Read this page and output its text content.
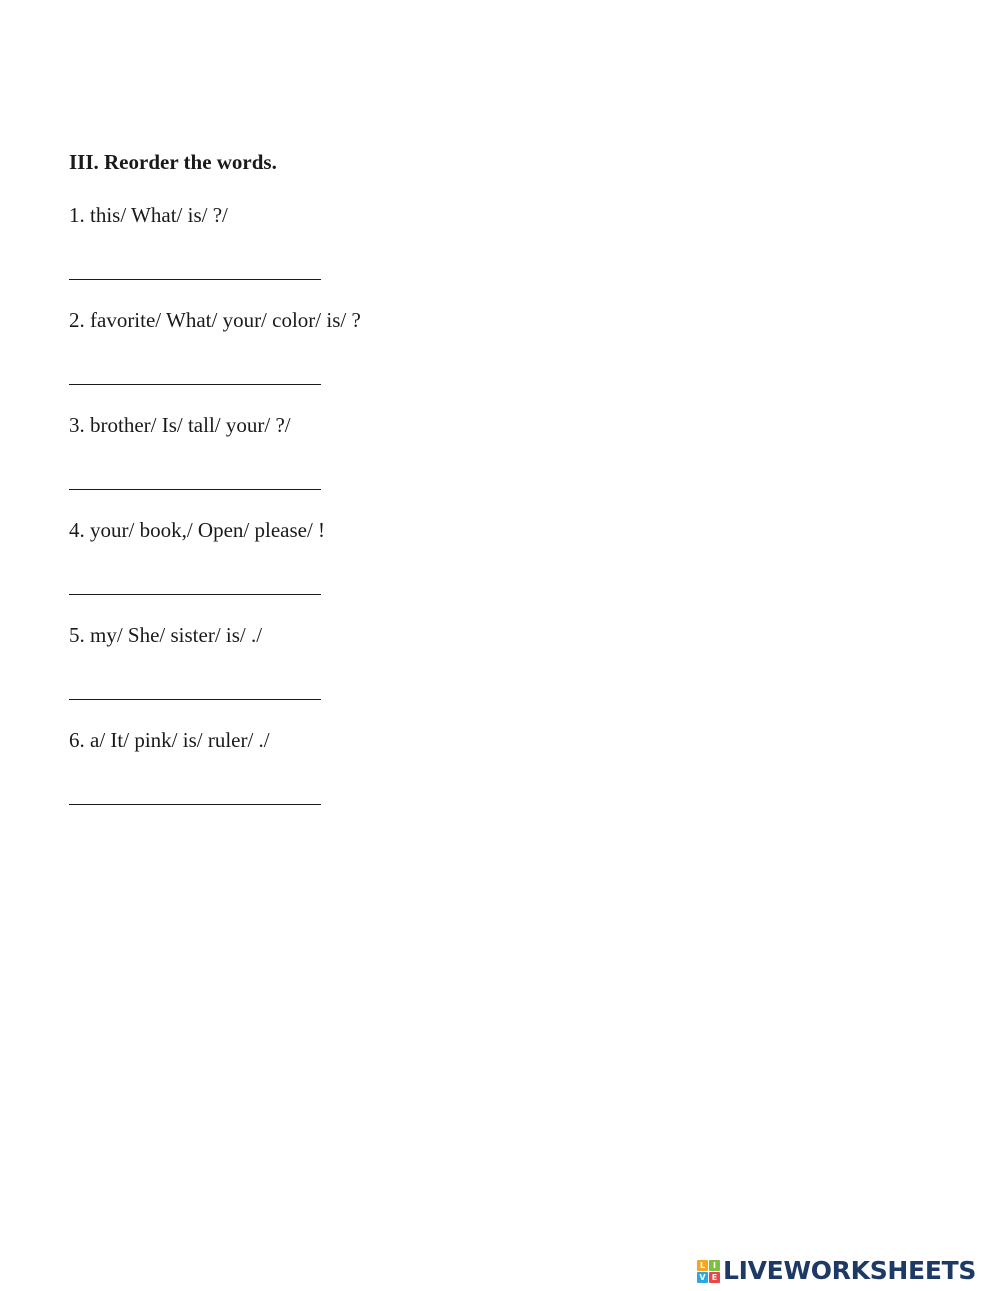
III. Reorder the words.
1. this/ What/ is/ ?/
2. favorite/ What/ your/ color/ is/ ?
3. brother/ Is/ tall/ your/ ?/
4. your/ book,/ Open/ please/ !
5. my/ She/ sister/ is/ ./
6. a/ It/ pink/ is/ ruler/ ./
L I
V E LIVEWORKSHEETS
